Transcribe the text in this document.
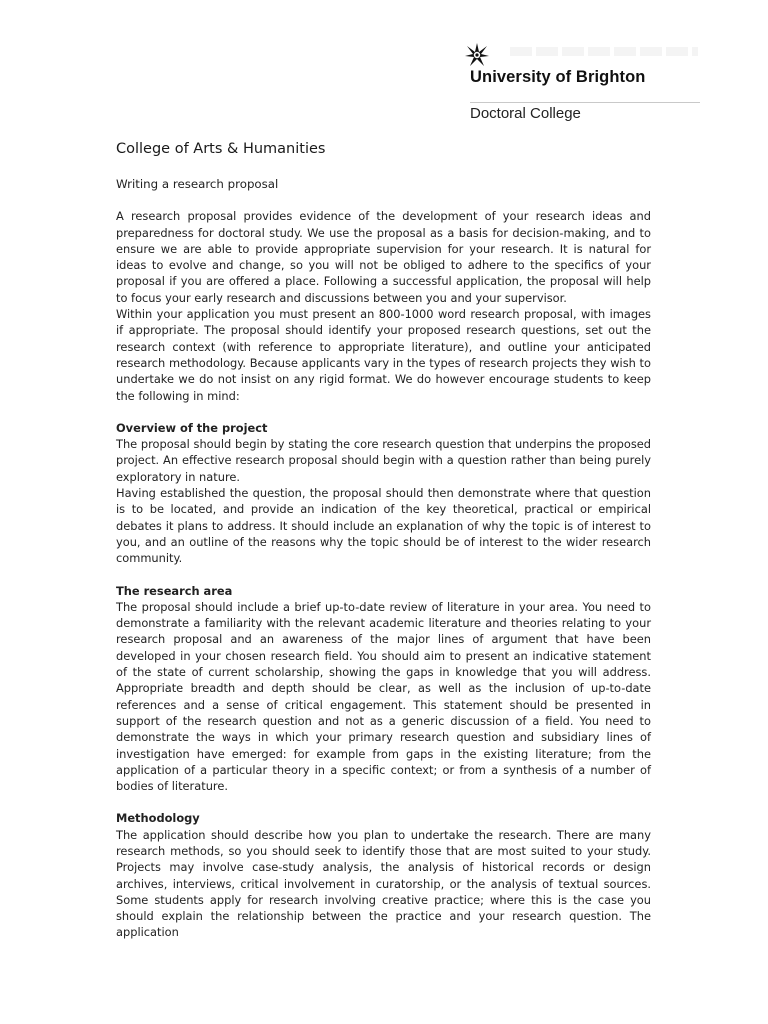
University of Brighton
Doctoral College
College of Arts & Humanities
Writing a research proposal

A research proposal provides evidence of the development of your research ideas and preparedness for doctoral study. We use the proposal as a basis for decision-making, and to ensure we are able to provide appropriate supervision for your research. It is natural for ideas to evolve and change, so you will not be obliged to adhere to the specifics of your proposal if you are offered a place. Following a successful application, the proposal will help to focus your early research and discussions between you and your supervisor.

Within your application you must present an 800-1000 word research proposal, with images if appropriate. The proposal should identify your proposed research questions, set out the research context (with reference to appropriate literature), and outline your anticipated research methodology. Because applicants vary in the types of research projects they wish to undertake we do not insist on any rigid format. We do however encourage students to keep the following in mind:

Overview of the project

The proposal should begin by stating the core research question that underpins the proposed project. An effective research proposal should begin with a question rather than being purely exploratory in nature.

Having established the question, the proposal should then demonstrate where that question is to be located, and provide an indication of the key theoretical, practical or empirical debates it plans to address. It should include an explanation of why the topic is of interest to you, and an outline of the reasons why the topic should be of interest to the wider research community.

The research area

The proposal should include a brief up-to-date review of literature in your area. You need to demonstrate a familiarity with the relevant academic literature and theories relating to your research proposal and an awareness of the major lines of argument that have been developed in your chosen research field. You should aim to present an indicative statement of the state of current scholarship, showing the gaps in knowledge that you will address. Appropriate breadth and depth should be clear, as well as the inclusion of up-to-date references and a sense of critical engagement. This statement should be presented in support of the research question and not as a generic discussion of a field. You need to demonstrate the ways in which your primary research question and subsidiary lines of investigation have emerged: for example from gaps in the existing literature; from the application of a particular theory in a specific context; or from a synthesis of a number of bodies of literature.

Methodology

The application should describe how you plan to undertake the research. There are many research methods, so you should seek to identify those that are most suited to your study. Projects may involve case-study analysis, the analysis of historical records or design archives, interviews, critical involvement in curatorship, or the analysis of textual sources. Some students apply for research involving creative practice; where this is the case you should explain the relationship between the practice and your research question. The application
